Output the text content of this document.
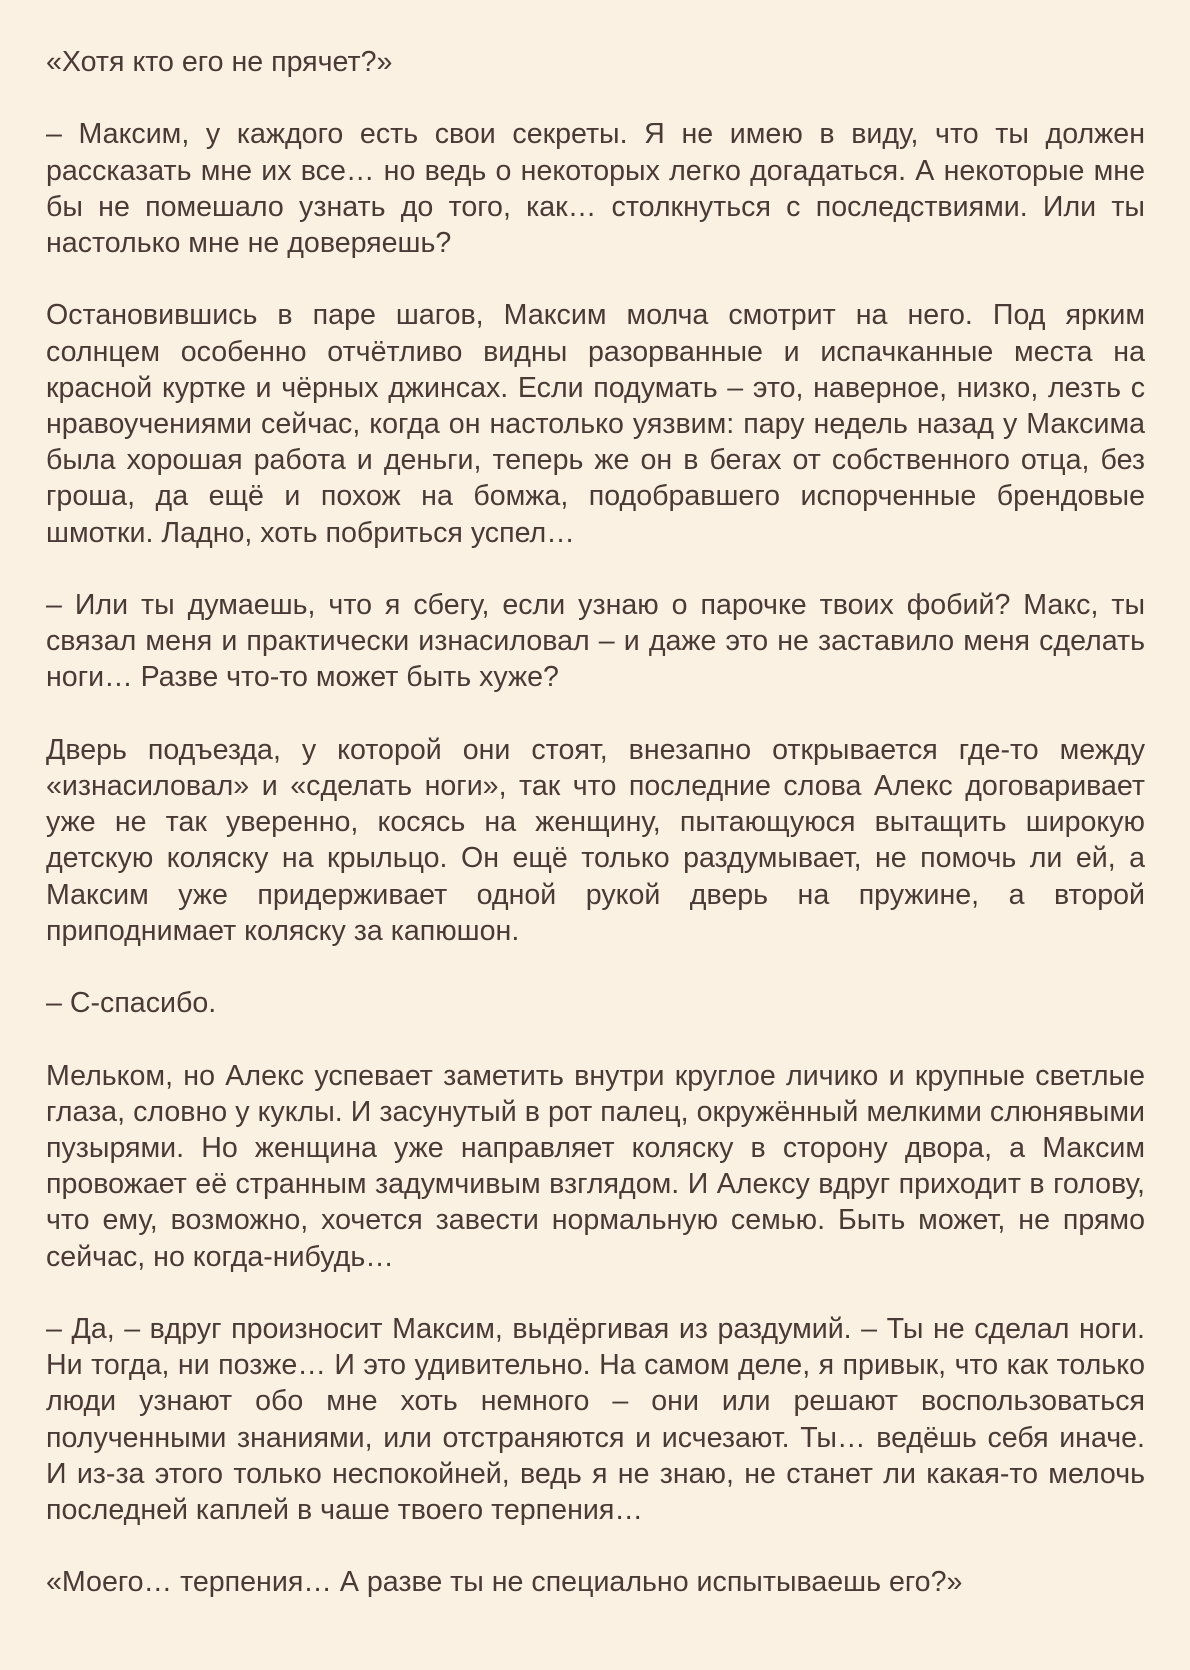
«Хотя кто его не прячет?»

– Максим, у каждого есть свои секреты. Я не имею в виду, что ты должен рассказать мне их все… но ведь о некоторых легко догадаться. А некоторые мне бы не помешало узнать до того, как… столкнуться с последствиями. Или ты настолько мне не доверяешь?

Остановившись в паре шагов, Максим молча смотрит на него. Под ярким солнцем особенно отчётливо видны разорванные и испачканные места на красной куртке и чёрных джинсах. Если подумать – это, наверное, низко, лезть с нравоучениями сейчас, когда он настолько уязвим: пару недель назад у Максима была хорошая работа и деньги, теперь же он в бегах от собственного отца, без гроша, да ещё и похож на бомжа, подобравшего испорченные брендовые шмотки. Ладно, хоть побриться успел…

– Или ты думаешь, что я сбегу, если узнаю о парочке твоих фобий? Макс, ты связал меня и практически изнасиловал – и даже это не заставило меня сделать ноги… Разве что-то может быть хуже?

Дверь подъезда, у которой они стоят, внезапно открывается где-то между «изнасиловал» и «сделать ноги», так что последние слова Алекс договаривает уже не так уверенно, косясь на женщину, пытающуюся вытащить широкую детскую коляску на крыльцо. Он ещё только раздумывает, не помочь ли ей, а Максим уже придерживает одной рукой дверь на пружине, а второй приподнимает коляску за капюшон.

– С-спасибо.

Мельком, но Алекс успевает заметить внутри круглое личико и крупные светлые глаза, словно у куклы. И засунутый в рот палец, окружённый мелкими слюнявыми пузырями. Но женщина уже направляет коляску в сторону двора, а Максим провожает её странным задумчивым взглядом. И Алексу вдруг приходит в голову, что ему, возможно, хочется завести нормальную семью. Быть может, не прямо сейчас, но когда-нибудь…

– Да, – вдруг произносит Максим, выдёргивая из раздумий. – Ты не сделал ноги. Ни тогда, ни позже… И это удивительно. На самом деле, я привык, что как только люди узнают обо мне хоть немного – они или решают воспользоваться полученными знаниями, или отстраняются и исчезают. Ты… ведёшь себя иначе. И из-за этого только неспокойней, ведь я не знаю, не станет ли какая-то мелочь последней каплей в чаше твоего терпения…

«Моего… терпения… А разве ты не специально испытываешь его?»
